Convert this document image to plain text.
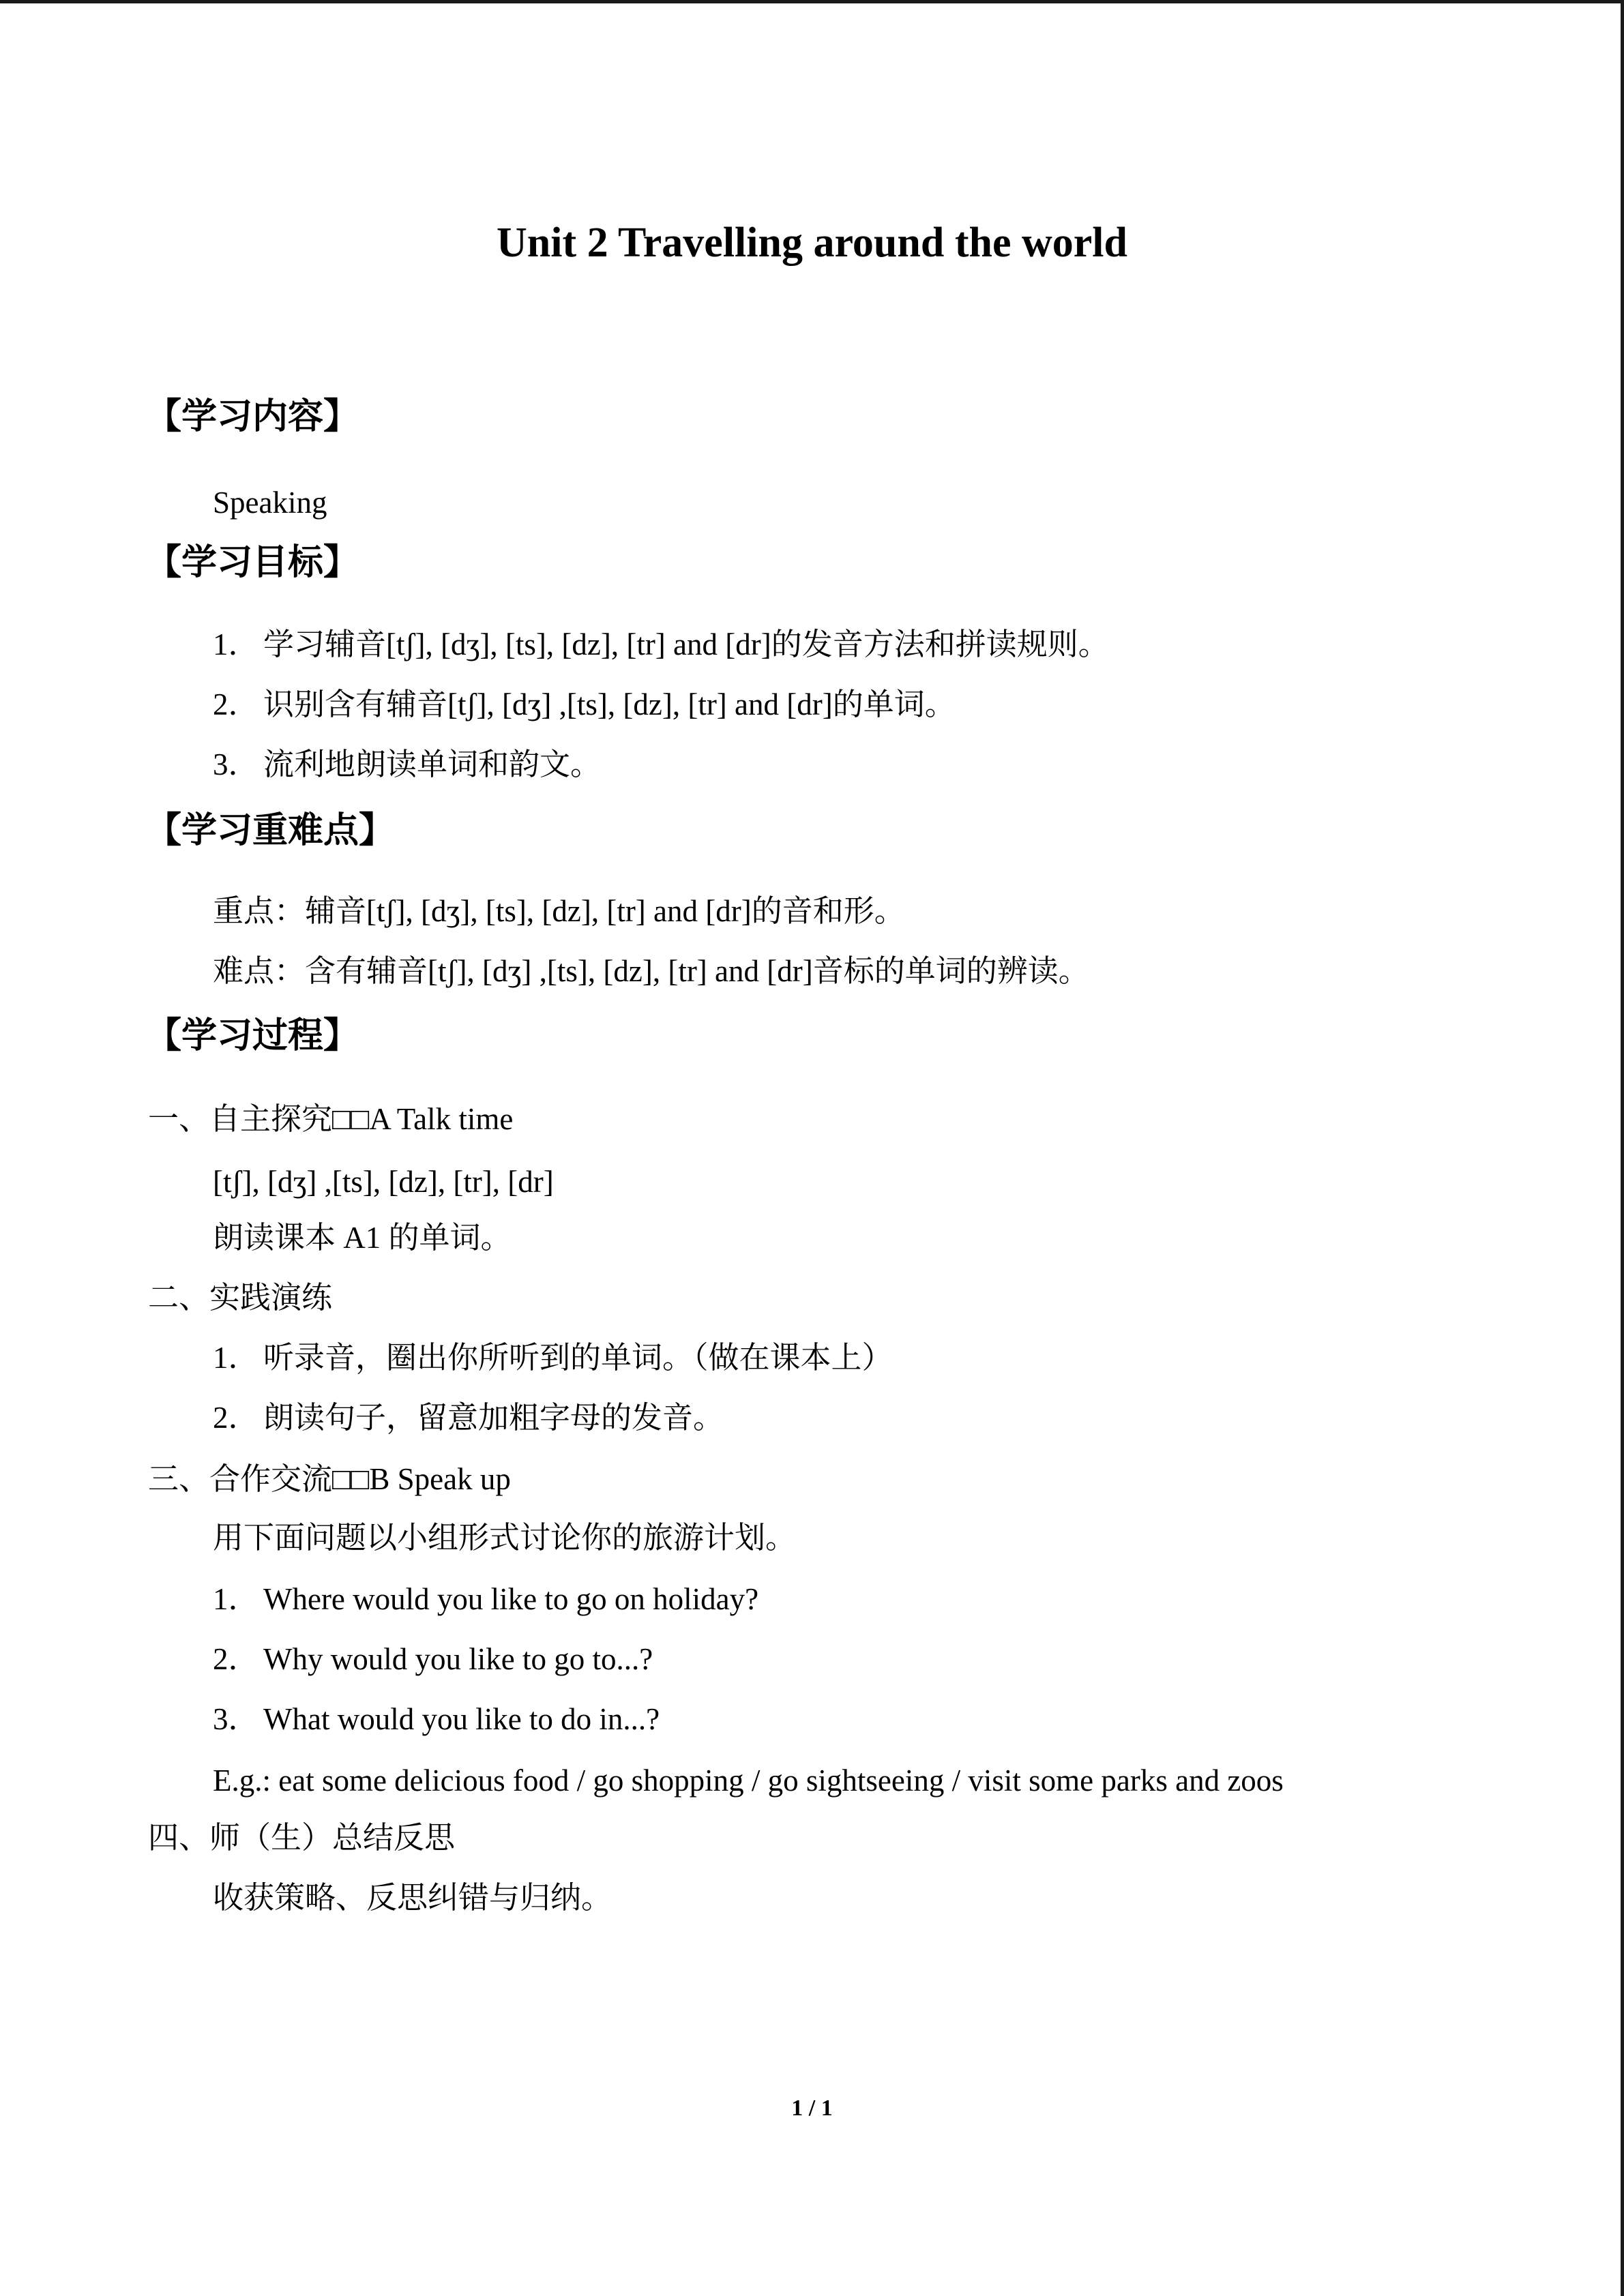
Unit 2 Travelling around the world
【学习内容】
Speaking
【学习目标】
1． 学习辅音[tʃ], [dʒ], [ts], [dz], [tr] and [dr]的发音方法和拼读规则。
2． 识别含有辅音[tʃ], [dʒ] ,[ts], [dz], [tr] and [dr]的单词。
3． 流利地朗读单词和韵文。
【学习重难点】
重点：辅音[tʃ], [dʒ], [ts], [dz], [tr] and [dr]的音和形。
难点：含有辅音[tʃ], [dʒ] ,[ts], [dz], [tr] and [dr]音标的单词的辨读。
【学习过程】
一、自主探究□□A Talk time
[tʃ], [dʒ] ,[ts], [dz], [tr], [dr]
朗读课本 A1 的单词。
二、实践演练
1． 听录音，圈出你所听到的单词。（做在课本上）
2． 朗读句子，留意加粗字母的发音。
三、合作交流□□B Speak up
用下面问题以小组形式讨论你的旅游计划。
1． Where would you like to go on holiday?
2． Why would you like to go to...?
3． What would you like to do in...?
E.g.: eat some delicious food / go shopping / go sightseeing / visit some parks and zoos
四、师（生）总结反思
收获策略、反思纠错与归纳。
1 / 1
